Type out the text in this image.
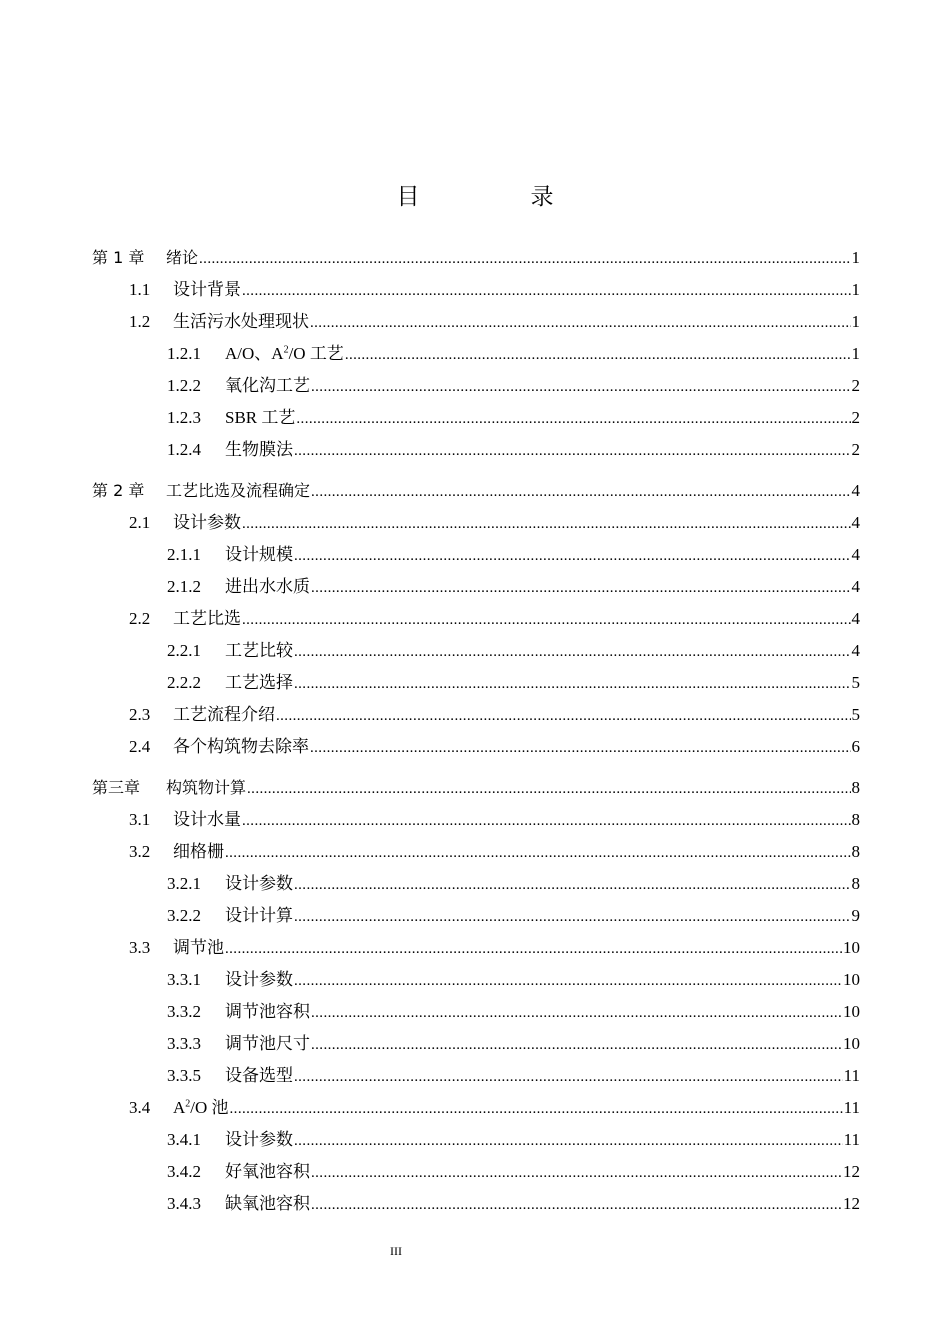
目　录
第 1 章	绪论 .....	1
1.1	设计背景 .....	1
1.2	生活污水处理现状 .....	1
1.2.1	A/O、$A^2/O$ 工艺 .....	1
1.2.2	氧化沟工艺 .....	2
1.2.3	SBR 工艺 .....	2
1.2.4	生物膜法 .....	2
第 2 章	工艺比选及流程确定 .....	4
2.1	设计参数 .....	4
2.1.1	设计规模 .....	4
2.1.2	进出水水质 .....	4
2.2	工艺比选 .....	4
2.2.1	工艺比较 .....	4
2.2.2	工艺选择 .....	5
2.3	工艺流程介绍 .....	5
2.4	各个构筑物去除率 .....	6
第三章	构筑物计算 .....	8
3.1	设计水量 .....	8
3.2	细格栅 .....	8
3.2.1	设计参数 .....	8
3.2.2	设计计算 .....	9
3.3	调节池 .....	10
3.3.1	设计参数 .....	10
3.3.2	调节池容积 .....	10
3.3.3	调节池尺寸 .....	10
3.3.5	设备选型 .....	11
3.4	$A^2/O$ 池 .....	11
3.4.1	设计参数 .....	11
3.4.2	好氧池容积 .....	12
3.4.3	缺氧池容积 .....	12
III
